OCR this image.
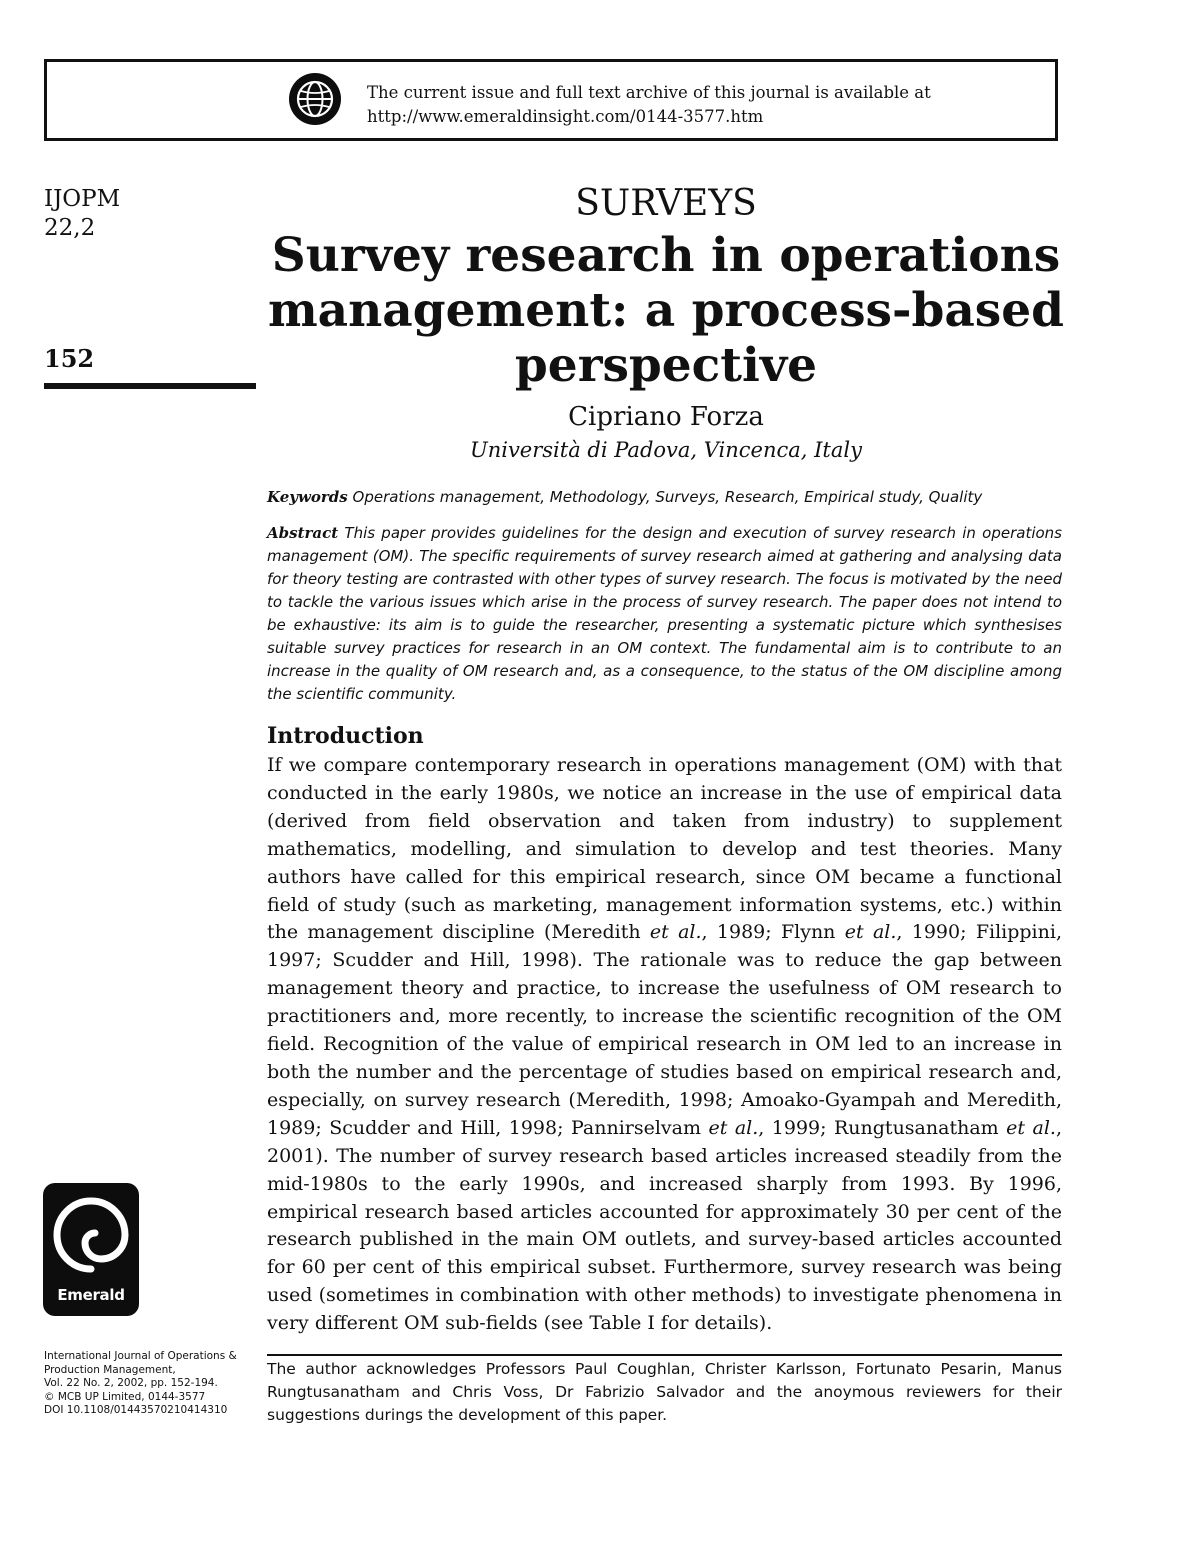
The current issue and full text archive of this journal is available at
http://www.emeraldinsight.com/0144-3577.htm
IJOPM
22,2
152
SURVEYS
Survey research in operations management: a process-based perspective
Cipriano Forza
Università di Padova, Vincenca, Italy
Keywords Operations management, Methodology, Surveys, Research, Empirical study, Quality

Abstract This paper provides guidelines for the design and execution of survey research in operations management (OM). The specific requirements of survey research aimed at gathering and analysing data for theory testing are contrasted with other types of survey research. The focus is motivated by the need to tackle the various issues which arise in the process of survey research. The paper does not intend to be exhaustive: its aim is to guide the researcher, presenting a systematic picture which synthesises suitable survey practices for research in an OM context. The fundamental aim is to contribute to an increase in the quality of OM research and, as a consequence, to the status of the OM discipline among the scientific community.

Introduction

If we compare contemporary research in operations management (OM) with that conducted in the early 1980s, we notice an increase in the use of empirical data (derived from field observation and taken from industry) to supplement mathematics, modelling, and simulation to develop and test theories. Many authors have called for this empirical research, since OM became a functional field of study (such as marketing, management information systems, etc.) within the management discipline (Meredith et al., 1989; Flynn et al., 1990; Filippini, 1997; Scudder and Hill, 1998). The rationale was to reduce the gap between management theory and practice, to increase the usefulness of OM research to practitioners and, more recently, to increase the scientific recognition of the OM field. Recognition of the value of empirical research in OM led to an increase in both the number and the percentage of studies based on empirical research and, especially, on survey research (Meredith, 1998; Amoako-Gyampah and Meredith, 1989; Scudder and Hill, 1998; Pannirselvam et al., 1999; Rungtusanatham et al., 2001). The number of survey research based articles increased steadily from the mid-1980s to the early 1990s, and increased sharply from 1993. By 1996, empirical research based articles accounted for approximately 30 per cent of the research published in the main OM outlets, and survey-based articles accounted for 60 per cent of this empirical subset. Furthermore, survey research was being used (sometimes in combination with other methods) to investigate phenomena in very different OM sub-fields (see Table I for details).

Emerald
International Journal of Operations &
Production Management,
Vol. 22 No. 2, 2002, pp. 152-194.
© MCB UP Limited, 0144-3577
DOI 10.1108/01443570210414310

The author acknowledges Professors Paul Coughlan, Christer Karlsson, Fortunato Pesarin, Manus Rungtusanatham and Chris Voss, Dr Fabrizio Salvador and the anoymous reviewers for their suggestions durings the development of this paper.
